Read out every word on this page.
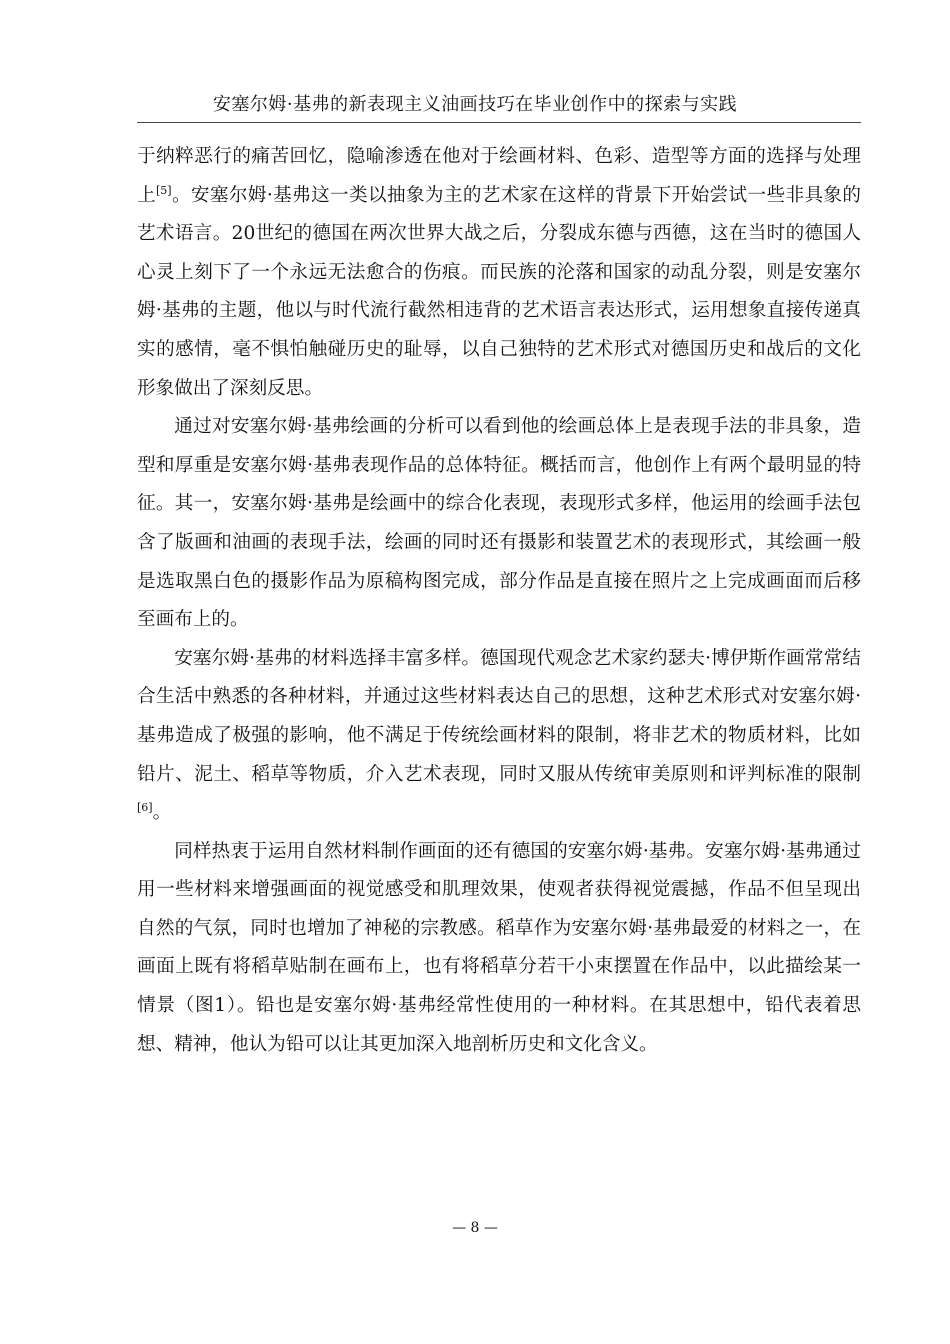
安塞尔姆·基弗的新表现主义油画技巧在毕业创作中的探索与实践

于纳粹恶行的痛苦回忆，隐喻渗透在他对于绘画材料、色彩、造型等方面的选择与处理上[5]。安塞尔姆·基弗这一类以抽象为主的艺术家在这样的背景下开始尝试一些非具象的艺术语言。20世纪的德国在两次世界大战之后，分裂成东德与西德，这在当时的德国人心灵上刻下了一个永远无法愈合的伤痕。而民族的沦落和国家的动乱分裂，则是安塞尔姆·基弗的主题，他以与时代流行截然相违背的艺术语言表达形式，运用想象直接传递真实的感情，毫不惧怕触碰历史的耻辱，以自己独特的艺术形式对德国历史和战后的文化形象做出了深刻反思。

通过对安塞尔姆·基弗绘画的分析可以看到他的绘画总体上是表现手法的非具象，造型和厚重是安塞尔姆·基弗表现作品的总体特征。概括而言，他创作上有两个最明显的特征。其一，安塞尔姆·基弗是绘画中的综合化表现，表现形式多样，他运用的绘画手法包含了版画和油画的表现手法，绘画的同时还有摄影和装置艺术的表现形式，其绘画一般是选取黑白色的摄影作品为原稿构图完成，部分作品是直接在照片之上完成画面而后移至画布上的。

安塞尔姆·基弗的材料选择丰富多样。德国现代观念艺术家约瑟夫·博伊斯作画常常结合生活中熟悉的各种材料，并通过这些材料表达自己的思想，这种艺术形式对安塞尔姆·基弗造成了极强的影响，他不满足于传统绘画材料的限制，将非艺术的物质材料，比如铅片、泥土、稻草等物质，介入艺术表现，同时又服从传统审美原则和评判标准的限制[6]。

同样热衷于运用自然材料制作画面的还有德国的安塞尔姆·基弗。安塞尔姆·基弗通过用一些材料来增强画面的视觉感受和肌理效果，使观者获得视觉震撼，作品不但呈现出自然的气氛，同时也增加了神秘的宗教感。稻草作为安塞尔姆·基弗最爱的材料之一，在画面上既有将稻草贴制在画布上，也有将稻草分若干小束摆置在作品中，以此描绘某一情景（图1）。铅也是安塞尔姆·基弗经常性使用的一种材料。在其思想中，铅代表着思想、精神，他认为铅可以让其更加深入地剖析历史和文化含义。

— 8 —
